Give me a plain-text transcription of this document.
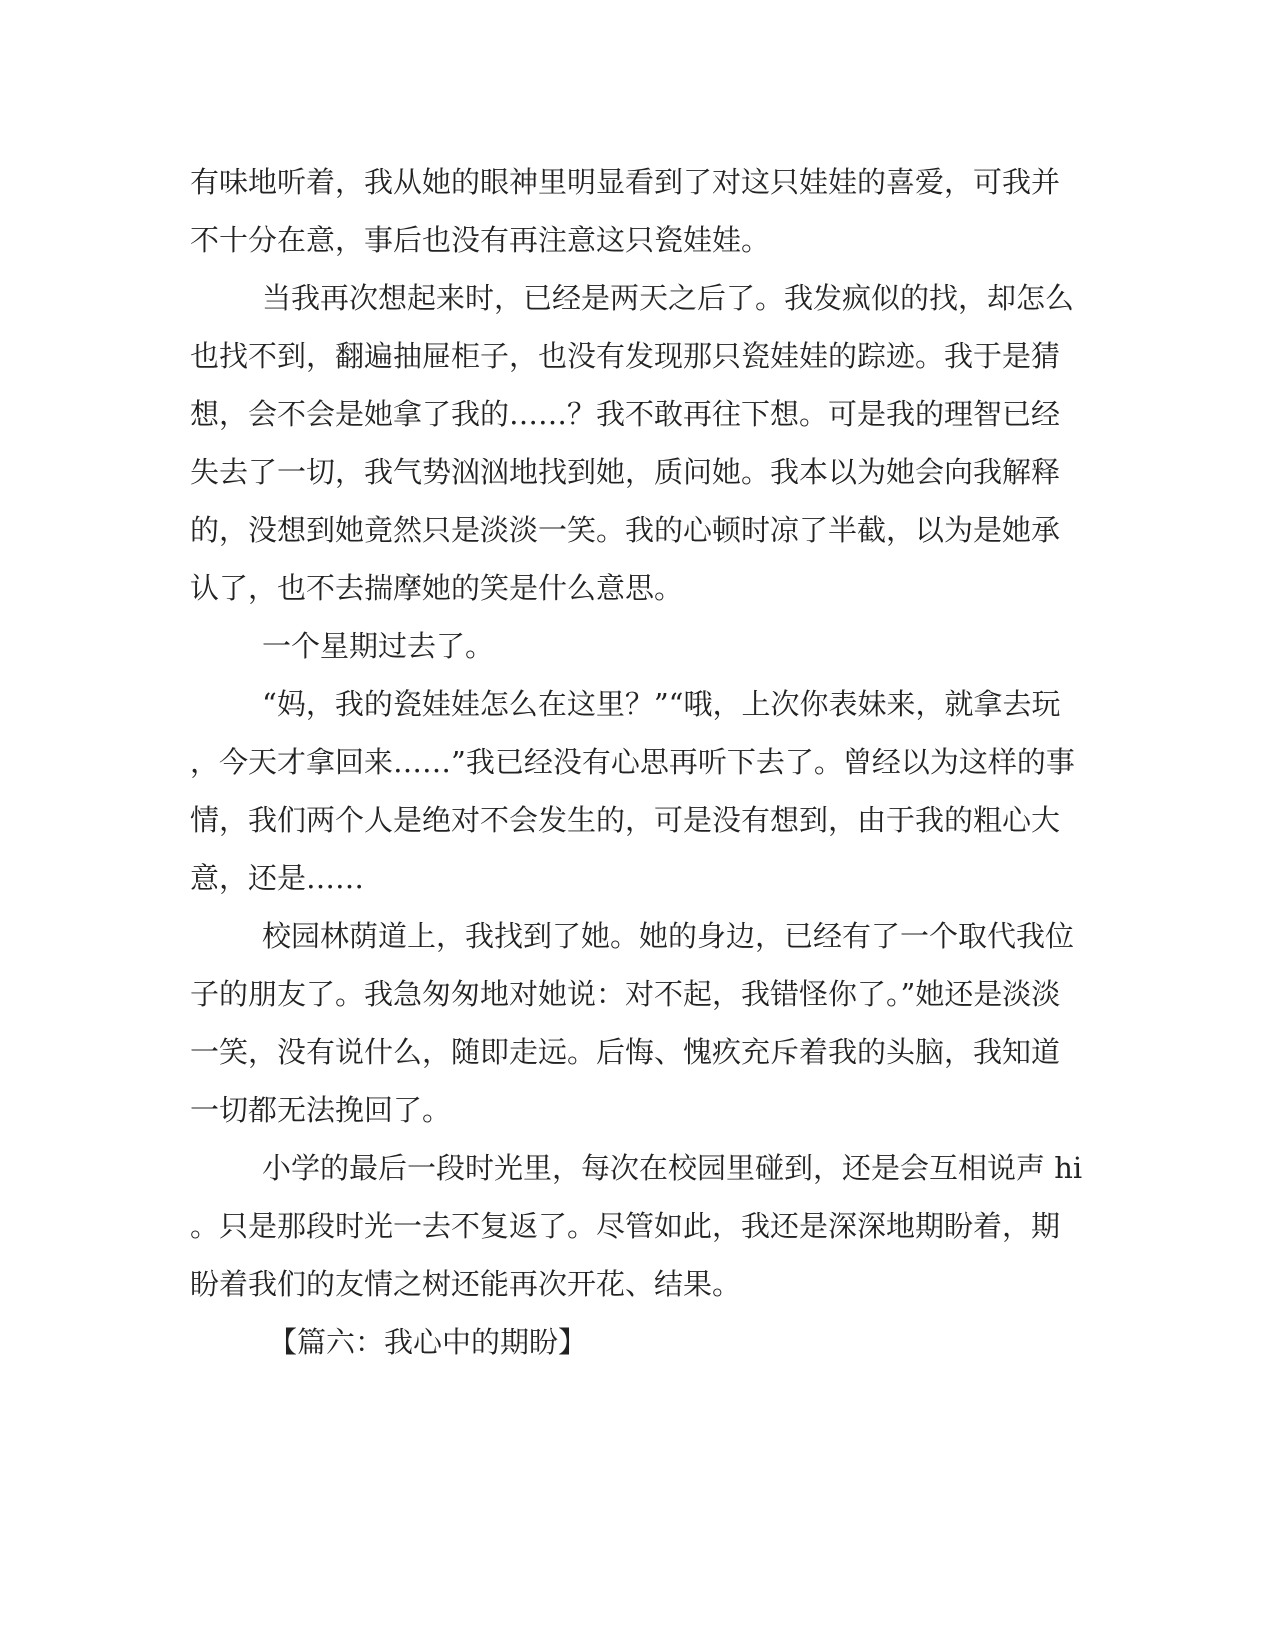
有味地听着，我从她的眼神里明显看到了对这只娃娃的喜爱，可我并

不十分在意，事后也没有再注意这只瓷娃娃。

当我再次想起来时，已经是两天之后了。我发疯似的找，却怎么

也找不到，翻遍抽屉柜子，也没有发现那只瓷娃娃的踪迹。我于是猜

想，会不会是她拿了我的……？我不敢再往下想。可是我的理智已经

失去了一切，我气势汹汹地找到她，质问她。我本以为她会向我解释

的，没想到她竟然只是淡淡一笑。我的心顿时凉了半截，以为是她承

认了，也不去揣摩她的笑是什么意思。

一个星期过去了。

“妈，我的瓷娃娃怎么在这里？”“哦，上次你表妹来，就拿去玩

，今天才拿回来……”我已经没有心思再听下去了。曾经以为这样的事

情，我们两个人是绝对不会发生的，可是没有想到，由于我的粗心大

意，还是……

校园林荫道上，我找到了她。她的身边，已经有了一个取代我位

子的朋友了。我急匆匆地对她说：对不起，我错怪你了。”她还是淡淡

一笑，没有说什么，随即走远。后悔、愧疚充斥着我的头脑，我知道

一切都无法挽回了。

小学的最后一段时光里，每次在校园里碰到，还是会互相说声 hi

。只是那段时光一去不复返了。尽管如此，我还是深深地期盼着，期

盼着我们的友情之树还能再次开花、结果。

【篇六：我心中的期盼】
